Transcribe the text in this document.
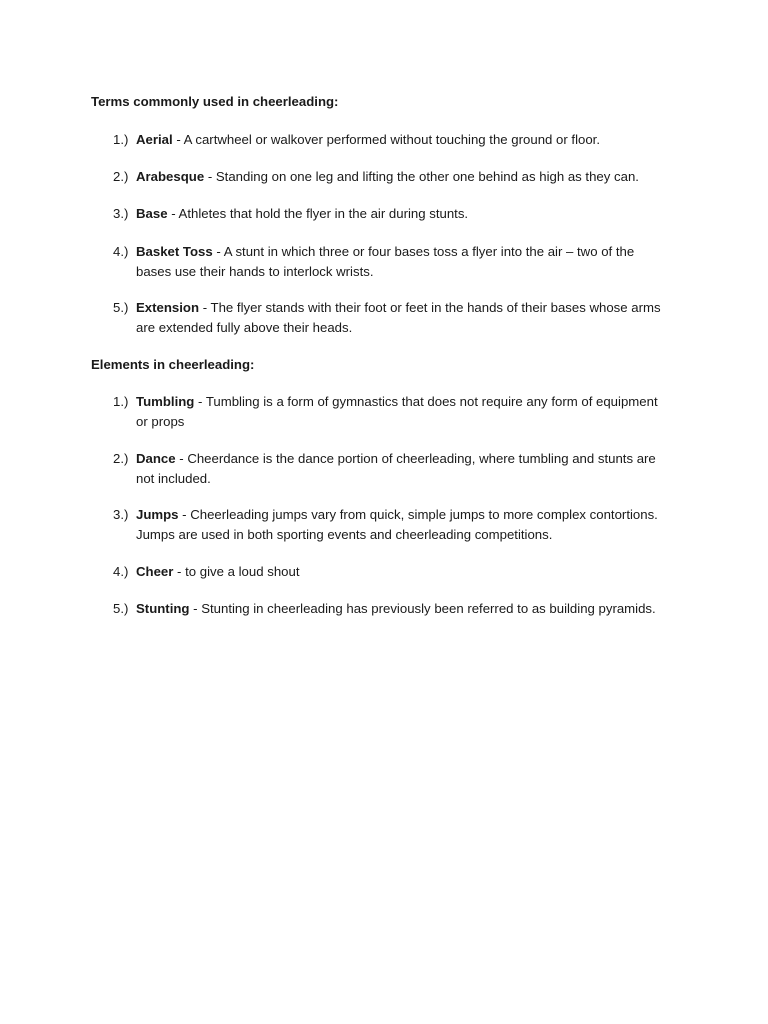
Terms commonly used in cheerleading:
1.) Aerial - A cartwheel or walkover performed without touching the ground or floor.
2.) Arabesque - Standing on one leg and lifting the other one behind as high as they can.
3.) Base - Athletes that hold the flyer in the air during stunts.
4.) Basket Toss - A stunt in which three or four bases toss a flyer into the air – two of the bases use their hands to interlock wrists.
5.) Extension - The flyer stands with their foot or feet in the hands of their bases whose arms are extended fully above their heads.
Elements in cheerleading:
1.) Tumbling - Tumbling is a form of gymnastics that does not require any form of equipment or props
2.) Dance - Cheerdance is the dance portion of cheerleading, where tumbling and stunts are not included.
3.) Jumps - Cheerleading jumps vary from quick, simple jumps to more complex contortions. Jumps are used in both sporting events and cheerleading competitions.
4.) Cheer - to give a loud shout
5.) Stunting - Stunting in cheerleading has previously been referred to as building pyramids.
